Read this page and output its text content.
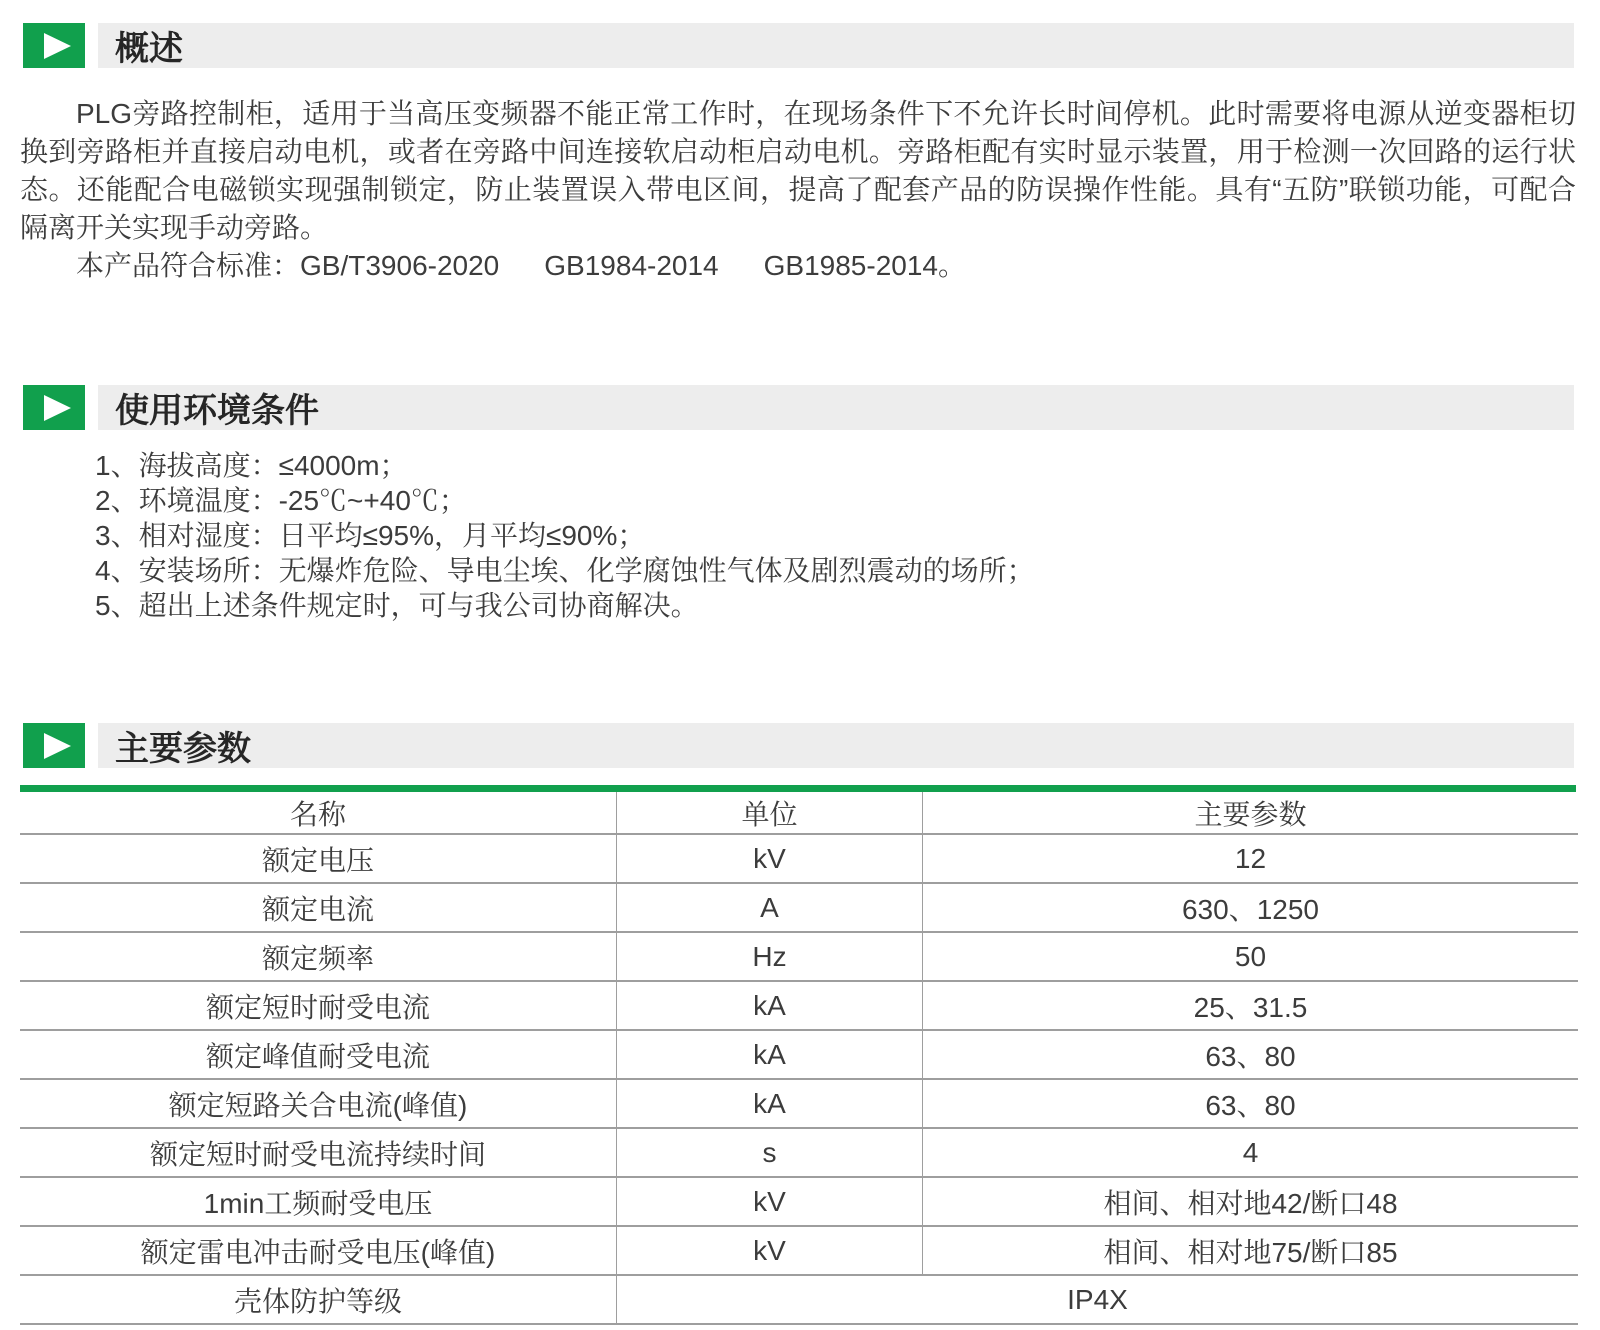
概述

PLG旁路控制柜，适用于当高压变频器不能正常工作时，在现场条件下不允许长时间停机。此时需要将电源从逆变器柜切换到旁路柜并直接启动电机，或者在旁路中间连接软启动柜启动电机。旁路柜配有实时显示装置，用于检测一次回路的运行状态。还能配合电磁锁实现强制锁定，防止装置误入带电区间，提高了配套产品的防误操作性能。具有“五防”联锁功能，可配合隔离开关实现手动旁路。

本产品符合标准：GB/T3906-2020 GB1984-2014 GB1985-2014。

使用环境条件
1、海拔高度：≤4000m；
2、环境温度：-25℃~+40℃；
3、相对湿度：日平均≤95%，月平均≤90%；
4、安装场所：无爆炸危险、导电尘埃、化学腐蚀性气体及剧烈震动的场所；
5、超出上述条件规定时，可与我公司协商解决。
主要参数
名称	单位	主要参数
额定电压	kV	12
额定电流	A	630、1250
额定频率	Hz	50
额定短时耐受电流	kA	25、31.5
额定峰值耐受电流	kA	63、80
额定短路关合电流(峰值)	kA	63、80
额定短时耐受电流持续时间	s	4
1min工频耐受电压	kV	相间、相对地42/断口48
额定雷电冲击耐受电压(峰值)	kV	相间、相对地75/断口85
壳体防护等级	IP4X	
